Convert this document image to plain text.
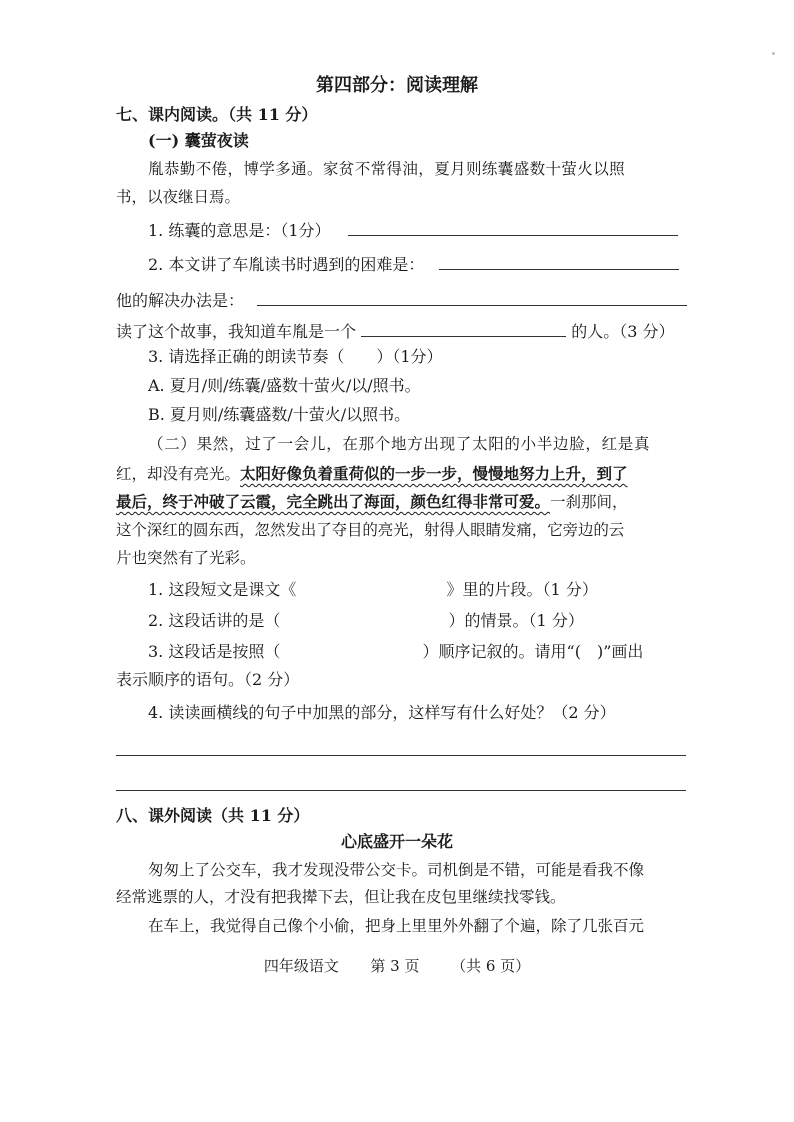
第四部分：阅读理解
七、课内阅读。（共 11 分）
(一) 囊萤夜读
胤恭勤不倦，博学多通。家贫不常得油，夏月则练囊盛数十萤火以照
书，以夜继日焉。
1. 练囊的意思是：（1分）
2. 本文讲了车胤读书时遇到的困难是：
他的解决办法是：
读了这个故事，我知道车胤是一个	的人。（3 分）
3. 请选择正确的朗读节奏（　　）（1分）
A. 夏月/则/练囊/盛数十萤火/以/照书。
B. 夏月则/练囊盛数/十萤火/以照书。
（二）果然，过了一会儿，在那个地方出现了太阳的小半边脸，红是真
红，却没有亮光。太阳好像负着重荷似的一步一步，慢慢地努力上升，到了
最后，终于冲破了云霞，完全跳出了海面，颜色红得非常可爱。一刹那间，
这个深红的圆东西，忽然发出了夺目的亮光，射得人眼睛发痛，它旁边的云
片也突然有了光彩。
1. 这段短文是课文《	》里的片段。（1 分）
2. 这段话讲的是（	）的情景。（1 分）
3. 这段话是按照（	）顺序记叙的。请用“(　)”画出
表示顺序的语句。（2 分）
4. 读读画横线的句子中加黑的部分，这样写有什么好处？（2 分）
八、课外阅读（共 11 分）
心底盛开一朵花
匆匆上了公交车，我才发现没带公交卡。司机倒是不错，可能是看我不像
经常逃票的人，才没有把我撵下去，但让我在皮包里继续找零钱。
在车上，我觉得自己像个小偷，把身上里里外外翻了个遍，除了几张百元
四年级语文 第 3 页 （共 6 页）
